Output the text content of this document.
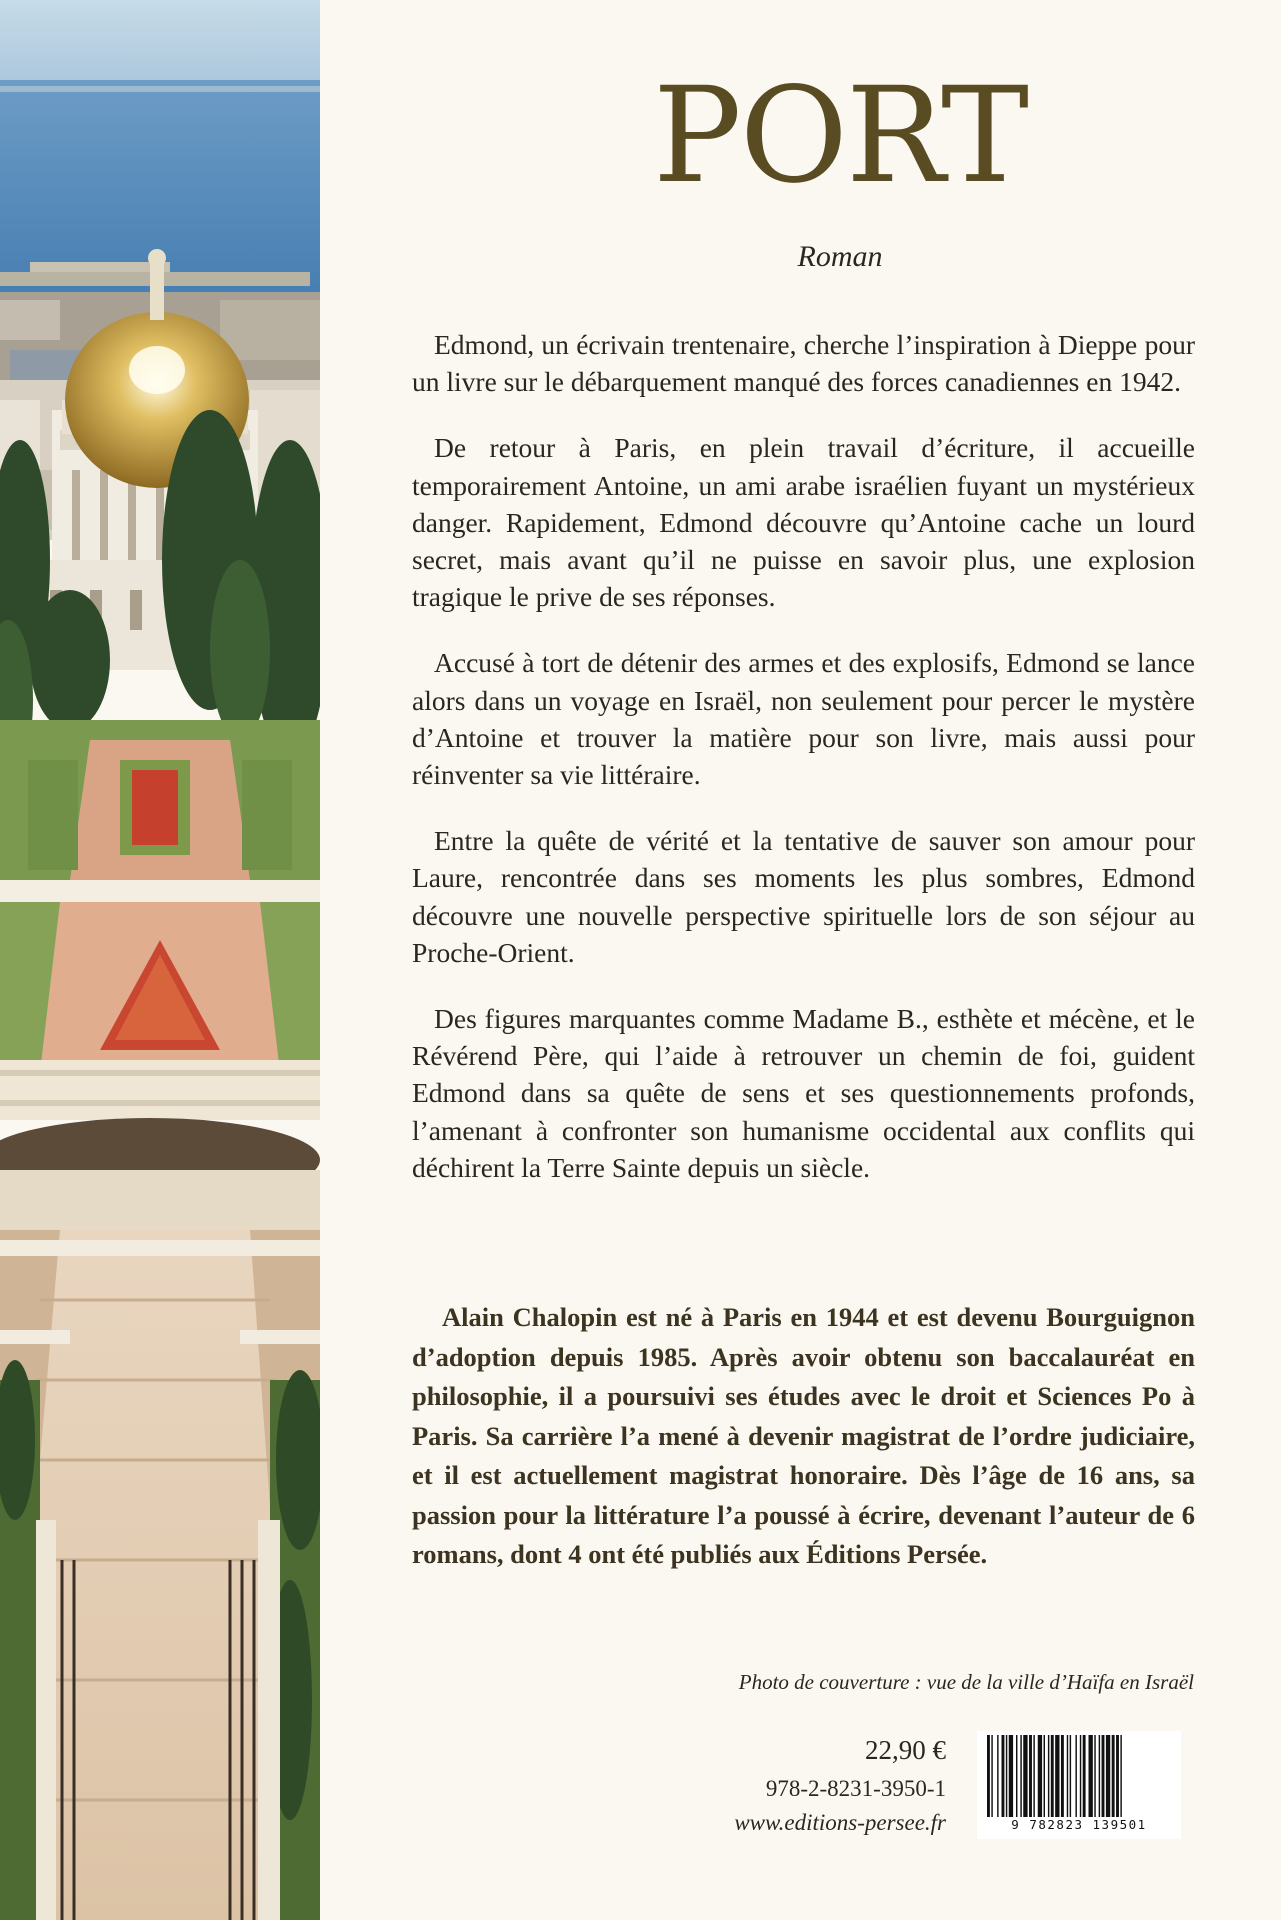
PORT
Roman

Edmond, un écrivain trentenaire, cherche l’inspiration à Dieppe pour un livre sur le débarquement manqué des forces canadiennes en 1942.

De retour à Paris, en plein travail d’écriture, il accueille temporairement Antoine, un ami arabe israélien fuyant un mystérieux danger. Rapidement, Edmond découvre qu’Antoine cache un lourd secret, mais avant qu’il ne puisse en savoir plus, une explosion tragique le prive de ses réponses.

Accusé à tort de détenir des armes et des explosifs, Edmond se lance alors dans un voyage en Israël, non seulement pour percer le mystère d’Antoine et trouver la matière pour son livre, mais aussi pour réinventer sa vie littéraire.

Entre la quête de vérité et la tentative de sauver son amour pour Laure, rencontrée dans ses moments les plus sombres, Edmond découvre une nouvelle perspective spirituelle lors de son séjour au Proche-Orient.

Des figures marquantes comme Madame B., esthète et mécène, et le Révérend Père, qui l’aide à retrouver un chemin de foi, guident Edmond dans sa quête de sens et ses questionnements profonds, l’amenant à confronter son humanisme occidental aux conflits qui déchirent la Terre Sainte depuis un siècle.

Alain Chalopin est né à Paris en 1944 et est devenu Bourguignon d’adoption depuis 1985. Après avoir obtenu son baccalauréat en philosophie, il a poursuivi ses études avec le droit et Sciences Po à Paris. Sa carrière l’a mené à devenir magistrat de l’ordre judiciaire, et il est actuellement magistrat honoraire. Dès l’âge de 16 ans, sa passion pour la littérature l’a poussé à écrire, devenant l’auteur de 6 romans, dont 4 ont été publiés aux Éditions Persée.

Photo de couverture : vue de la ville d’Haïfa en Israël
22,90 €
978-2-8231-3950-1
www.editions-persee.fr	9 782823 139501
